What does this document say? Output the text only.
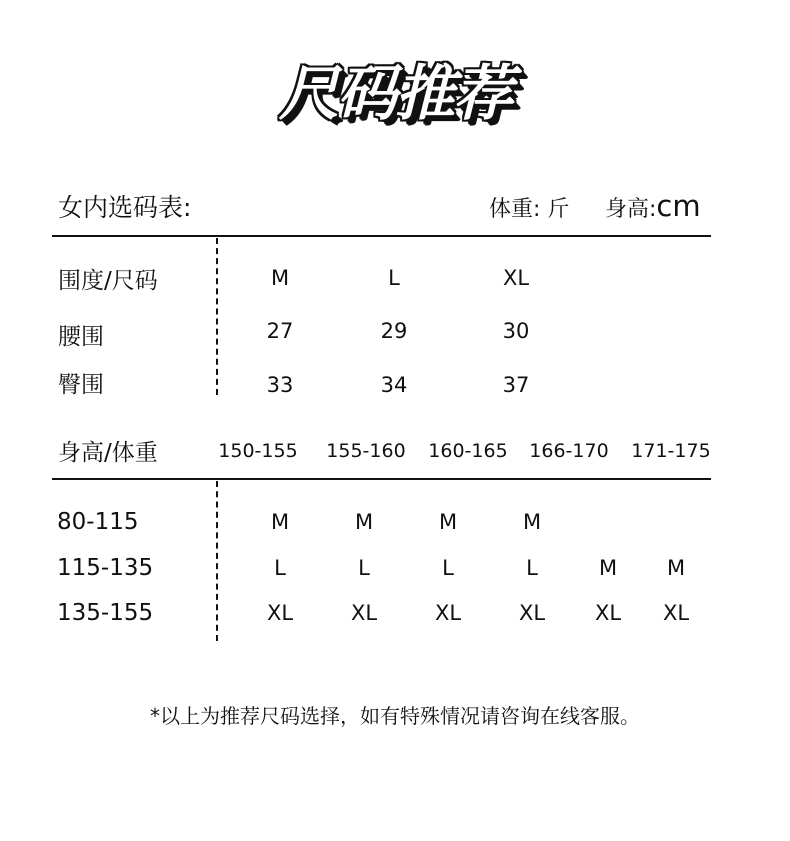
尺码推荐
女内选码表:	体重: 斤 身高:cm
围度/尺码	M	L	XL
腰围	27	29	30
臀围	33	34	37
身高/体重	150-155	155-160	160-165	166-170	171-175
80-115	M	M	M	M
115-135	L	L	L	L	M	M
135-155	XL	XL	XL	XL	XL	XL
*以上为推荐尺码选择，如有特殊情况请咨询在线客服。
